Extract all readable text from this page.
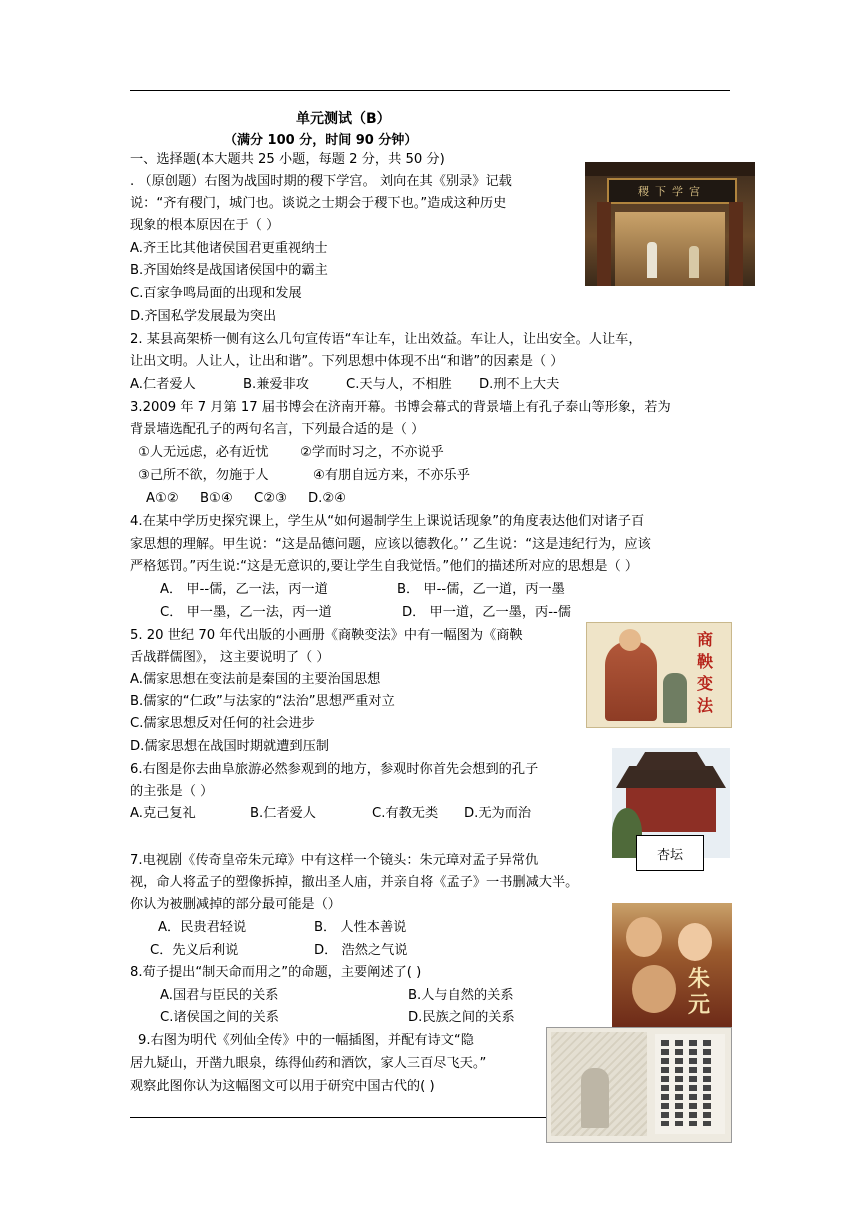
单元测试（B）
（满分 100 分，时间 90 分钟）
一、选择题(本大题共 25 小题，每题 2 分，共 50 分)
. （原创题）右图为战国时期的稷下学宫。 刘向在其《别录》记载
说：“齐有稷门，城门也。谈说之士期会于稷下也。”造成这种历史
现象的根本原因在于（ ）
A.齐王比其他诸侯国君更重视纳士
B.齐国始终是战国诸侯国中的霸主
C.百家争鸣局面的出现和发展
D.齐国私学发展最为突出
稷下学宫
2. 某县高架桥一侧有这么几句宣传语“车让车，让出效益。车让人，让出安全。人让车，
让出文明。人让人，让出和谐”。下列思想中体现不出“和谐”的因素是（ ）
A.仁者爱人	B.兼爱非攻	C.天与人，不相胜 D.刑不上大夫
3.2009 年 7 月第 17 届书博会在济南开幕。书博会幕式的背景墙上有孔子泰山等形象，若为
背景墙选配孔子的两句名言，下列最合适的是（ ）
①人无远虑，必有近忧 ②学而时习之，不亦说乎
③己所不欲，勿施于人	④有朋自远方来，不亦乐乎
A①② B①④ C②③ D.②④
4.在某中学历史探究课上，学生从“如何遏制学生上课说话现象”的角度表达他们对诸子百
家思想的理解。甲生说：“这是品德问题，应该以德教化。’’ 乙生说：“这是违纪行为，应该
严格惩罚。”丙生说:“这是无意识的,要让学生自我觉悟。”他们的描述所对应的思想是（ ）
A． 甲--儒，乙一法，丙一道	B． 甲--儒，乙一道，丙一墨
C． 甲一墨，乙一法，丙一道	D． 甲一道，乙一墨，丙--儒
5. 20 世纪 70 年代出版的小画册《商鞅变法》中有一幅图为《商鞅
舌战群儒图》， 这主要说明了（ ）
A.儒家思想在变法前是秦国的主要治国思想
B.儒家的“仁政”与法家的“法治”思想严重对立
C.儒家思想反对任何的社会进步
D.儒家思想在战国时期就遭到压制
商鞅变法
杏坛
6.右图是你去曲阜旅游必然参观到的地方，参观时你首先会想到的孔子
的主张是（ ）
A.克己复礼	B.仁者爱人	C.有教无类 D.无为而治
7.电视剧《传奇皇帝朱元璋》中有这样一个镜头：朱元璋对孟子异常仇
视，命人将孟子的塑像拆掉，撤出圣人庙，并亲自将《孟子》一书删减大半。
你认为被删减掉的部分最可能是（）
A．民贵君轻说	B． 人性本善说
C．先义后利说	D． 浩然之气说
朱元
8.荀子提出“制天命而用之”的命题，主要阐述了( )
A.国君与臣民的关系	B.人与自然的关系
C.诸侯国之间的关系	D.民族之间的关系
9.右图为明代《列仙全传》中的一幅插图，并配有诗文“隐
居九疑山，开凿九眼泉，练得仙药和酒饮，家人三百尽飞天。”
观察此图你认为这幅图文可以用于研究中国古代的( )
